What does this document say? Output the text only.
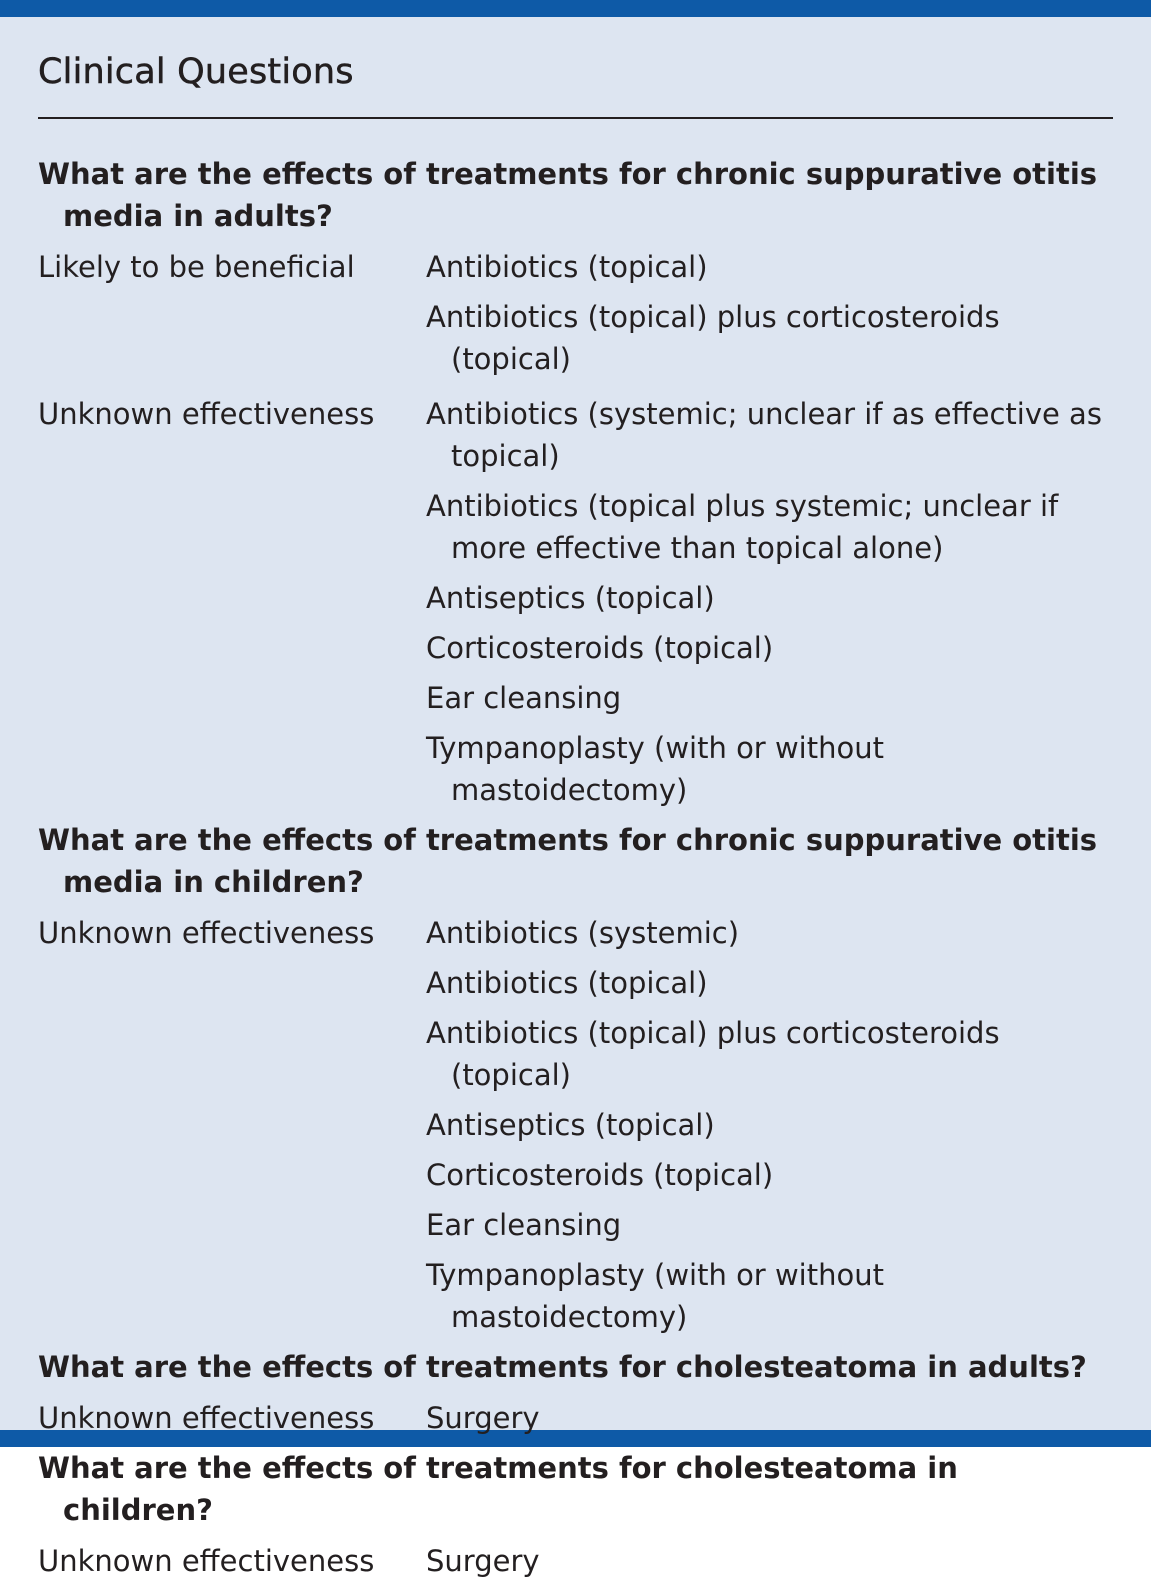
Clinical Questions
What are the effects of treatments for chronic suppurative otitis media in adults?
Likely to be beneficial	Antibiotics (topical)
Antibiotics (topical) plus corticosteroids (topical)
Unknown effectiveness	Antibiotics (systemic; unclear if as effective as topical)
Antibiotics (topical plus systemic; unclear if more effective than topical alone)
Antiseptics (topical)
Corticosteroids (topical)
Ear cleansing
Tympanoplasty (with or without mastoidectomy)
What are the effects of treatments for chronic suppurative otitis media in children?
Unknown effectiveness	Antibiotics (systemic)
Antibiotics (topical)
Antibiotics (topical) plus corticosteroids (topical)
Antiseptics (topical)
Corticosteroids (topical)
Ear cleansing
Tympanoplasty (with or without mastoidectomy)
What are the effects of treatments for cholesteatoma in adults?
Unknown effectiveness	Surgery
What are the effects of treatments for cholesteatoma in children?
Unknown effectiveness	Surgery
